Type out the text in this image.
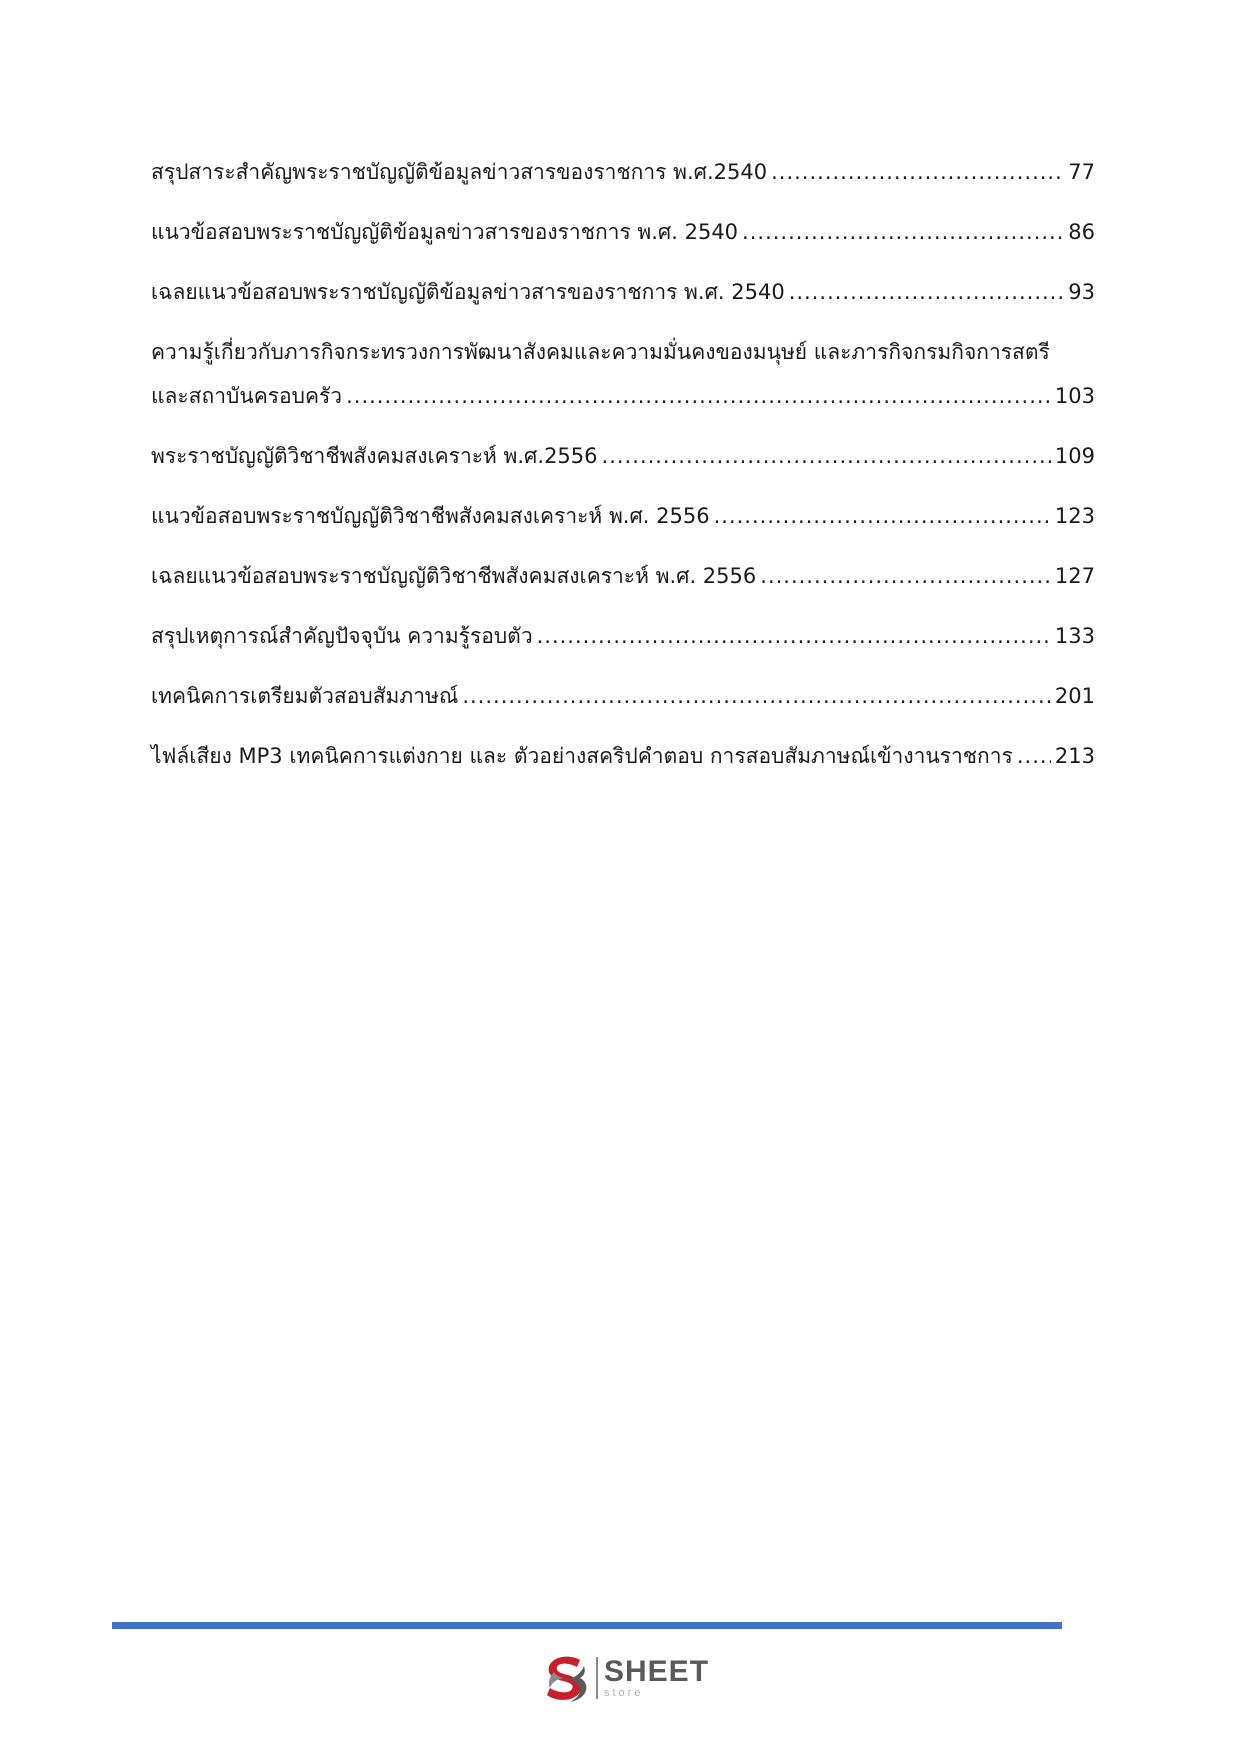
สรุปสาระสำคัญพระราชบัญญัติข้อมูลข่าวสารของราชการ พ.ศ.2540 .....	77
แนวข้อสอบพระราชบัญญัติข้อมูลข่าวสารของราชการ พ.ศ. 2540 .....	86
เฉลยแนวข้อสอบพระราชบัญญัติข้อมูลข่าวสารของราชการ พ.ศ. 2540 .....	93
ความรู้เกี่ยวกับภารกิจกระทรวงการพัฒนาสังคมและความมั่นคงของมนุษย์ และภารกิจกรมกิจการสตรี
และสถาบันครอบครัว .....	103
พระราชบัญญัติวิชาชีพสังคมสงเคราะห์ พ.ศ.2556 .....	109
แนวข้อสอบพระราชบัญญัติวิชาชีพสังคมสงเคราะห์ พ.ศ. 2556 .....	123
เฉลยแนวข้อสอบพระราชบัญญัติวิชาชีพสังคมสงเคราะห์ พ.ศ. 2556 .....	127
สรุปเหตุการณ์สำคัญปัจจุบัน ความรู้รอบตัว .....	133
เทคนิคการเตรียมตัวสอบสัมภาษณ์ .....	201
ไฟล์เสียง MP3 เทคนิคการแต่งกาย และ ตัวอย่างสคริปคำตอบ การสอบสัมภาษณ์เข้างานราชการ ..... 213
SHEET
store
